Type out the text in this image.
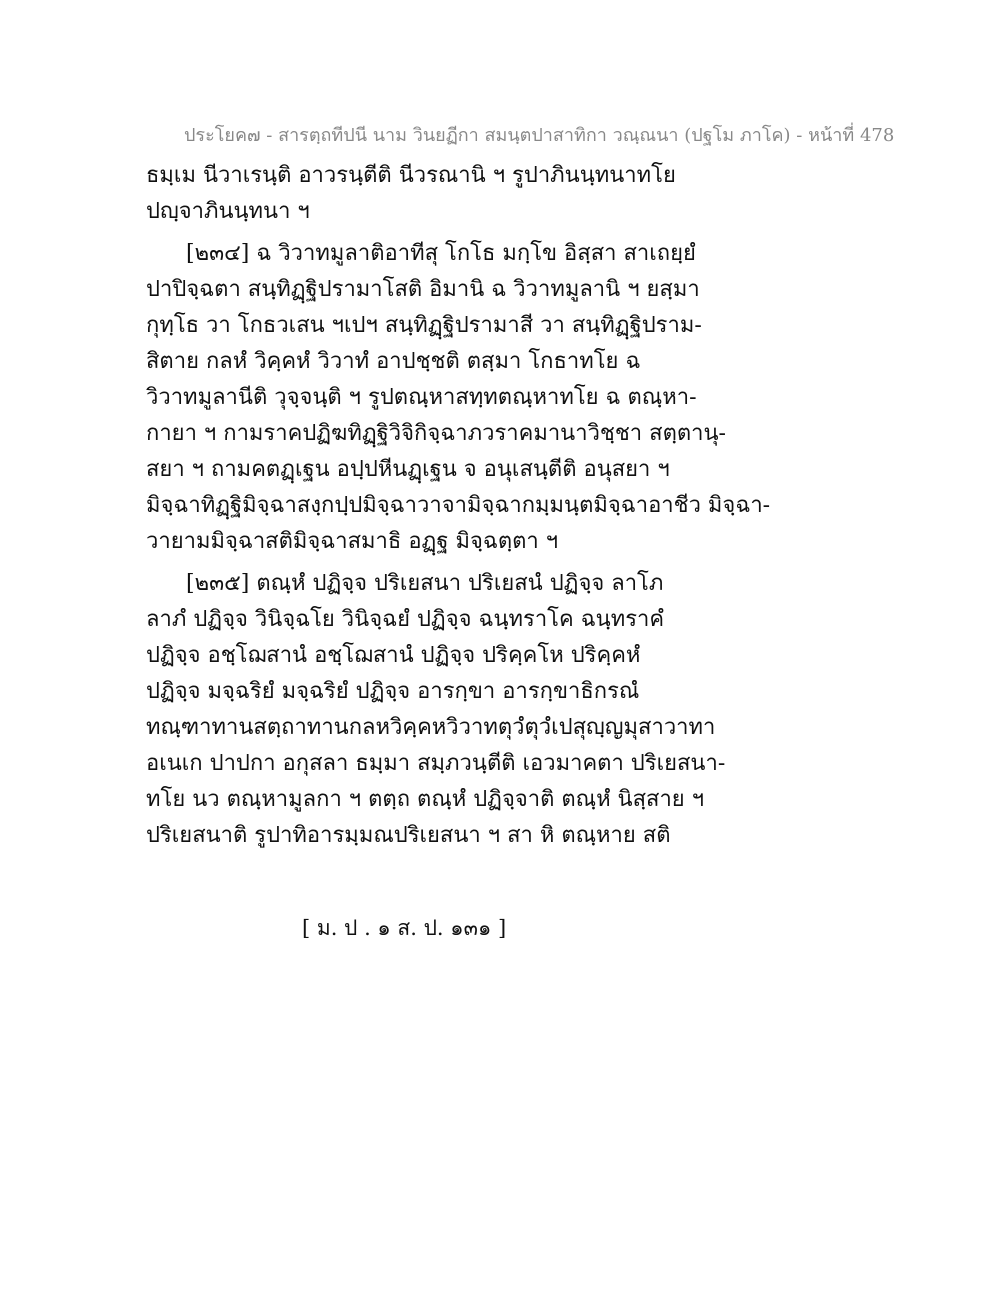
ประโยค๗ - สารตฺถทีปนี นาม วินยฏีกา สมนฺตปาสาทิกา วณฺณนา (ปฐโม ภาโค) - หน้าที่ 478
ธมฺเม นีวาเรนฺติ อาวรนฺตีติ นีวรณานิ ฯ รูปาภินนฺทนาทโย
ปญฺจาภินนฺทนา ฯ
[๒๓๔] ฉ วิวาทมูลาติอาทีสุ โกโธ มกฺโข อิสฺสา สาเถยฺยํ
ปาปิจฺฉตา สนฺทิฏฺฐิปรามาโสติ อิมานิ ฉ วิวาทมูลานิ ฯ ยสฺมา
กุทฺโธ วา โกธวเสน ฯเปฯ สนฺทิฏฺฐิปรามาสี วา สนฺทิฏฺฐิปราม-
สิตาย กลหํ วิคฺคหํ วิวาทํ อาปชฺชติ ตสฺมา โกธาทโย ฉ
วิวาทมูลานีติ วุจฺจนฺติ ฯ รูปตณฺหาสทฺทตณฺหาทโย ฉ ตณฺหา-
กายา ฯ กามราคปฏิฆทิฏฺฐิวิจิกิจฺฉาภวราคมานาวิชฺชา สตฺตานุ-
สยา ฯ ถามคตฏฺเฐน อปฺปหีนฏฺเฐน จ อนุเสนฺตีติ อนุสยา ฯ
มิจฺฉาทิฏฺฐิมิจฺฉาสงฺกปฺปมิจฺฉาวาจามิจฺฉากมฺมนฺตมิจฺฉาอาชีว มิจฺฉา-
วายามมิจฺฉาสติมิจฺฉาสมาธิ อฏฺฐ มิจฺฉตฺตา ฯ
[๒๓๕] ตณฺหํ ปฏิจฺจ ปริเยสนา ปริเยสนํ ปฏิจฺจ ลาโภ
ลาภํ ปฏิจฺจ วินิจฺฉโย วินิจฺฉยํ ปฏิจฺจ ฉนฺทราโค ฉนฺทราคํ
ปฏิจฺจ อชฺโฌสานํ อชฺโฌสานํ ปฏิจฺจ ปริคฺคโห ปริคฺคหํ
ปฏิจฺจ มจฺฉริยํ มจฺฉริยํ ปฏิจฺจ อารกฺขา อารกฺขาธิกรณํ
ทณฺฑาทานสตฺถาทานกลหวิคฺคหวิวาทตุวํตุวํเปสุญฺญมุสาวาทา
อเนเก ปาปกา อกุสลา ธมฺมา สมฺภวนฺตีติ เอวมาคตา ปริเยสนา-
ทโย นว ตณฺหามูลกา ฯ ตตฺถ ตณฺหํ ปฏิจฺจาติ ตณฺหํ นิสฺสาย ฯ
ปริเยสนาติ รูปาทิอารมฺมณปริเยสนา ฯ สา หิ ตณฺหาย สติ
[ ม. ป . ๑ ส. ป. ๑๓๑ ]
